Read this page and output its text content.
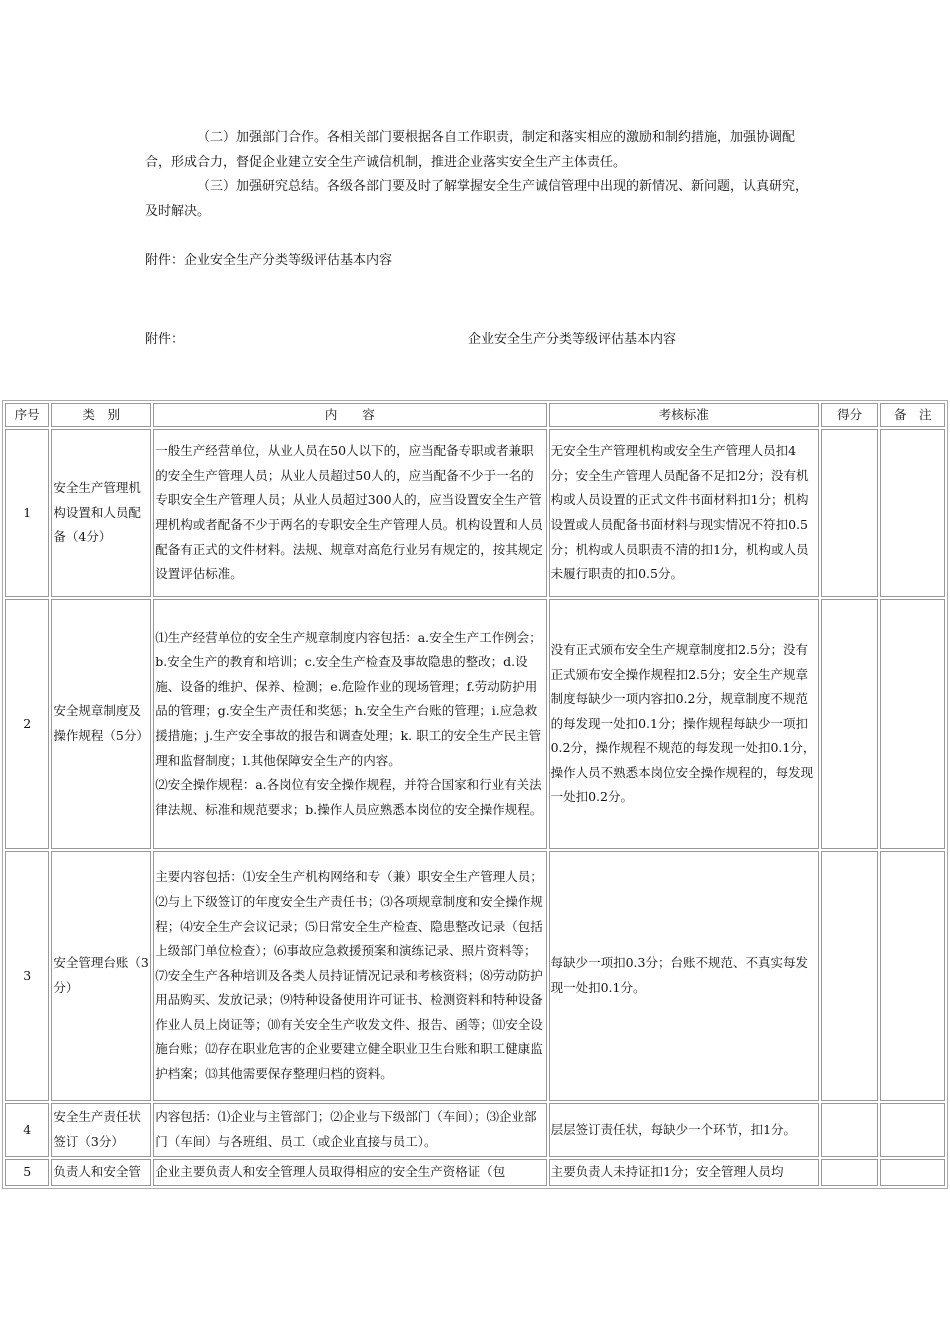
（二）加强部门合作。各相关部门要根据各自工作职责，制定和落实相应的激励和制约措施，加强协调配合，形成合力，督促企业建立安全生产诚信机制，推进企业落实安全生产主体责任。

（三）加强研究总结。各级各部门要及时了解掌握安全生产诚信管理中出现的新情况、新问题，认真研究，及时解决。

附件：企业安全生产分类等级评估基本内容

附件：	企业安全生产分类等级评估基本内容
序号	类　别	内　　容	考核标准	得分	备　注
1	安全生产管理机构设置和人员配备（4分）	一般生产经营单位，从业人员在50人以下的，应当配备专职或者兼职的安全生产管理人员；从业人员超过50人的，应当配备不少于一名的专职安全生产管理人员；从业人员超过300人的，应当设置安全生产管理机构或者配备不少于两名的专职安全生产管理人员。机构设置和人员配备有正式的文件材料。法规、规章对高危行业另有规定的，按其规定设置评估标准。	无安全生产管理机构或安全生产管理人员扣4分；安全生产管理人员配备不足扣2分；没有机构或人员设置的正式文件书面材料扣1分；机构设置或人员配备书面材料与现实情况不符扣0.5分；机构或人员职责不清的扣1分，机构或人员未履行职责的扣0.5分。		
2	安全规章制度及操作规程（5分）	⑴生产经营单位的安全生产规章制度内容包括：a.安全生产工作例会；b.安全生产的教育和培训；c.安全生产检查及事故隐患的整改；d.设施、设备的维护、保养、检测；e.危险作业的现场管理；f.劳动防护用品的管理；g.安全生产责任和奖惩；h.安全生产台账的管理；i.应急救援措施；j.生产安全事故的报告和调查处理；k. 职工的安全生产民主管理和监督制度；l.其他保障安全生产的内容。
⑵安全操作规程：a.各岗位有安全操作规程，并符合国家和行业有关法律法规、标准和规范要求；b.操作人员应熟悉本岗位的安全操作规程。	没有正式颁布安全生产规章制度扣2.5分；没有正式颁布安全操作规程扣2.5分；安全生产规章制度每缺少一项内容扣0.2分，规章制度不规范的每发现一处扣0.1分；操作规程每缺少一项扣0.2分，操作规程不规范的每发现一处扣0.1分，操作人员不熟悉本岗位安全操作规程的，每发现一处扣0.2分。		
3	安全管理台账（3分）	主要内容包括：⑴安全生产机构网络和专（兼）职安全生产管理人员；⑵与上下级签订的年度安全生产责任书；⑶各项规章制度和安全操作规程；⑷安全生产会议记录；⑸日常安全生产检查、隐患整改记录（包括上级部门单位检查）；⑹事故应急救援预案和演练记录、照片资料等；⑺安全生产各种培训及各类人员持证情况记录和考核资料；⑻劳动防护用品购买、发放记录；⑼特种设备使用许可证书、检测资料和特种设备作业人员上岗证等；⑽有关安全生产收发文件、报告、函等；⑾安全设施台账；⑿存在职业危害的企业要建立健全职业卫生台账和职工健康监护档案；⒀其他需要保存整理归档的资料。	每缺少一项扣0.3分；台账不规范、不真实每发现一处扣0.1分。		
4	安全生产责任状签订（3分）	内容包括：⑴企业与主管部门；⑵企业与下级部门（车间）；⑶企业部门（车间）与各班组、员工（或企业直接与员工）。	层层签订责任状，每缺少一个环节，扣1分。		
5	负责人和安全管	企业主要负责人和安全管理人员取得相应的安全生产资格证（包	主要负责人未持证扣1分；安全管理人员均		
